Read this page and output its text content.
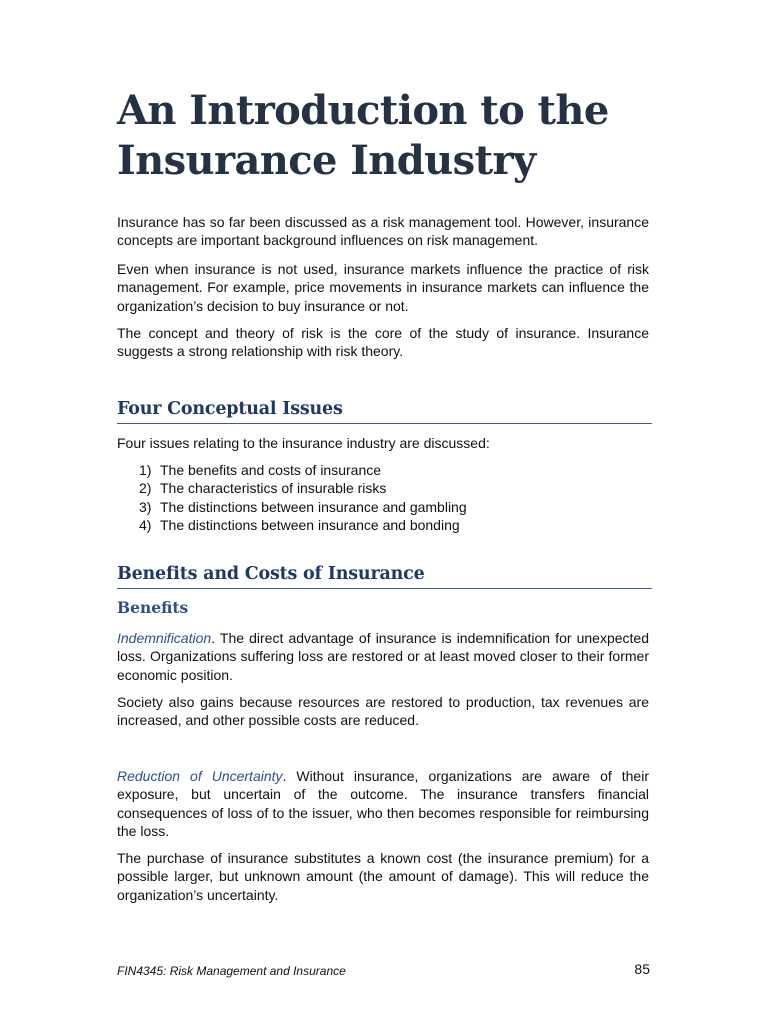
An Introduction to the
Insurance Industry

Insurance has so far been discussed as a risk management tool. However, insurance concepts are important background influences on risk management.

Even when insurance is not used, insurance markets influence the practice of risk management. For example, price movements in insurance markets can influence the organization’s decision to buy insurance or not.

The concept and theory of risk is the core of the study of insurance. Insurance suggests a strong relationship with risk theory.

Four Conceptual Issues

Four issues relating to the insurance industry are discussed:

1) The benefits and costs of insurance
2) The characteristics of insurable risks
3) The distinctions between insurance and gambling
4) The distinctions between insurance and bonding
Benefits and Costs of Insurance
Benefits

Indemnification. The direct advantage of insurance is indemnification for unexpected loss. Organizations suffering loss are restored or at least moved closer to their former economic position.

Society also gains because resources are restored to production, tax revenues are increased, and other possible costs are reduced.

Reduction of Uncertainty. Without insurance, organizations are aware of their exposure, but uncertain of the outcome. The insurance transfers financial consequences of loss of to the issuer, who then becomes responsible for reimbursing the loss.

The purchase of insurance substitutes a known cost (the insurance premium) for a possible larger, but unknown amount (the amount of damage). This will reduce the organization’s uncertainty.

FIN4345: Risk Management and Insurance	85
